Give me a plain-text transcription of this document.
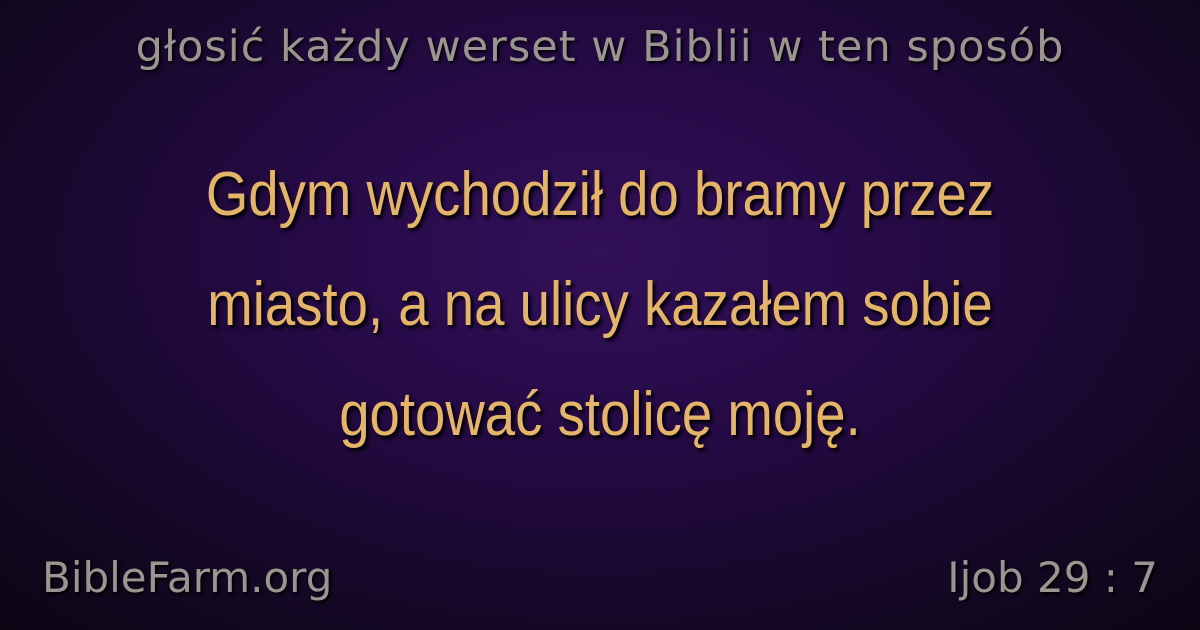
głosić każdy werset w Biblii w ten sposób
Gdym wychodził do bramy przez
miasto, a na ulicy kazałem sobie
gotować stolicę moję.
BibleFarm.org	Ijob 29 : 7
